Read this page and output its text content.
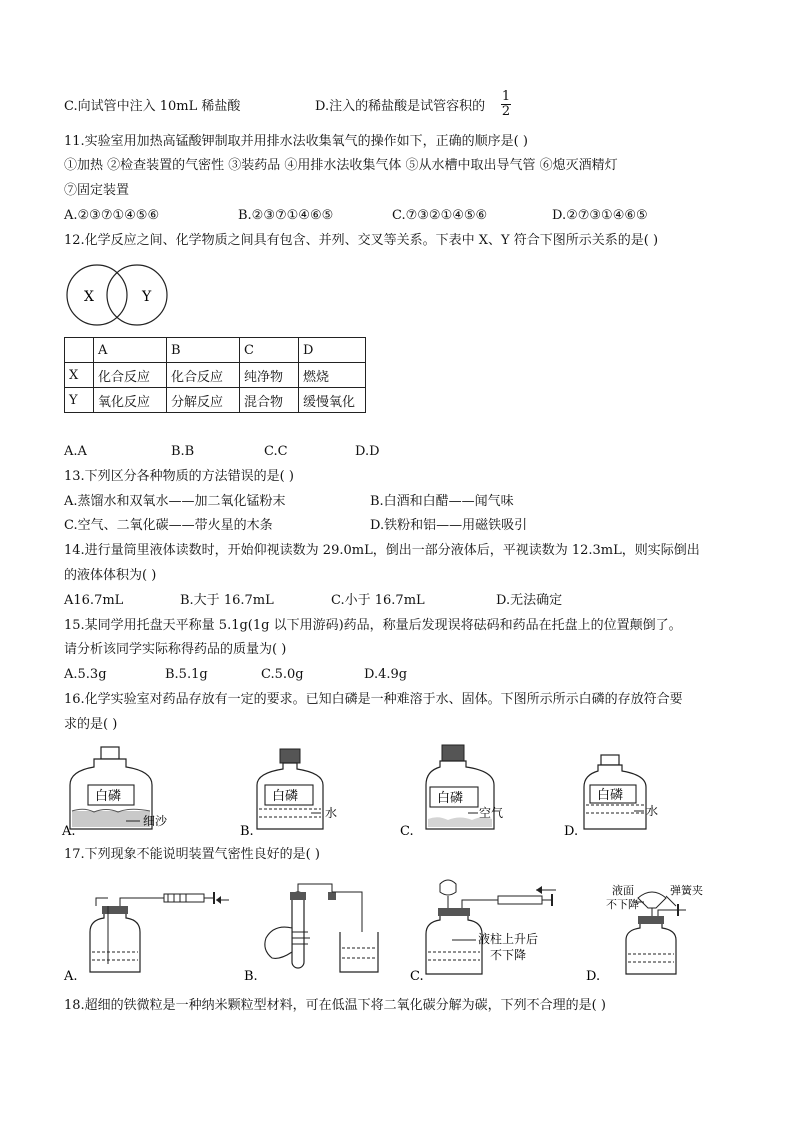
C.向试管中注入 10mL 稀盐酸	D.注入的稀盐酸是试管容积的
1
2
11.实验室用加热高锰酸钾制取并用排水法收集氧气的操作如下，正确的顺序是( )
①加热 ②检查装置的气密性 ③装药品 ④用排水法收集气体 ⑤从水槽中取出导气管 ⑥熄灭酒精灯
⑦固定装置
A.②③⑦①④⑤⑥	B.②③⑦①④⑥⑤	C.⑦③②①④⑤⑥	D.②⑦③①④⑥⑤
12.化学反应之间、化学物质之间具有包含、并列、交叉等关系。下表中 X、Y 符合下图所示关系的是( )
X	Y
	A	B	C	D
X	化合反应	化合反应	纯净物	燃烧
Y	氧化反应	分解反应	混合物	缓慢氧化
A.A	B.B	C.C	D.D
13.下列区分各种物质的方法错误的是( )
A.蒸馏水和双氧水——加二氧化锰粉末	B.白酒和白醋——闻气味
C.空气、二氧化碳——带火星的木条	D.铁粉和铝——用磁铁吸引
14.进行量筒里液体读数时，开始仰视读数为 29.0mL，倒出一部分液体后，平视读数为 12.3mL，则实际倒出
的液体体积为( )
A16.7mL	B.大于 16.7mL	C.小于 16.7mL	D.无法确定
15.某同学用托盘天平称量 5.1g(1g 以下用游码)药品，称量后发现误将砝码和药品在托盘上的位置颠倒了。
请分析该同学实际称得药品的质量为( )
A.5.3g	B.5.1g	C.5.0g	D.4.9g
16.化学实验室对药品存放有一定的要求。已知白磷是一种难溶于水、固体。下图所示所示白磷的存放符合要
求的是( )
白磷
细沙
A.
白磷
水
B.
白磷
空气
C.
白磷
水
D.
17.下列现象不能说明装置气密性良好的是( )
A.	B.
液柱上升后
不下降
C.
液面
不下降
弹簧夹
D.
18.超细的铁微粒是一种纳米颗粒型材料，可在低温下将二氧化碳分解为碳，下列不合理的是( )
